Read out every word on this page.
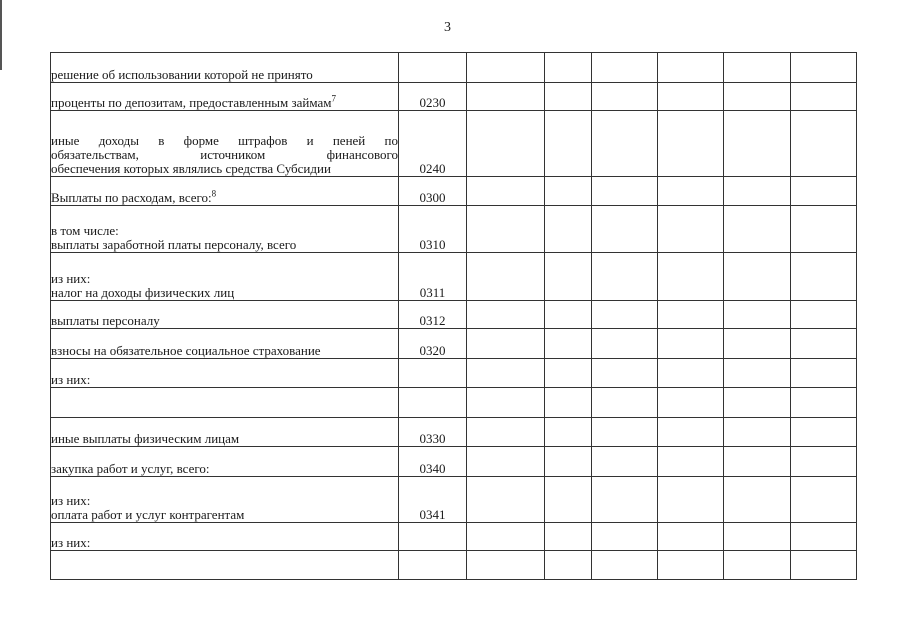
3
решение об использовании которой не принято								

проценты по депозитам, предоставленным займам$^7$	0230							

иные доходы в форме штрафов и пеней по
обязательствам, источником финансового
обеспечения которых являлись средства Субсидии	0240							

Выплаты по расходам, всего:$^8$	0300							

в том числе:
выплаты заработной платы персоналу, всего	0310							

из них:
налог на доходы физических лиц	0311							

выплаты персоналу	0312							

взносы на обязательное социальное страхование	0320							

из них:								

иные выплаты физическим лицам	0330							

закупка работ и услуг, всего:	0340							

из них:
оплата работ и услуг контрагентам	0341							

из них:								
